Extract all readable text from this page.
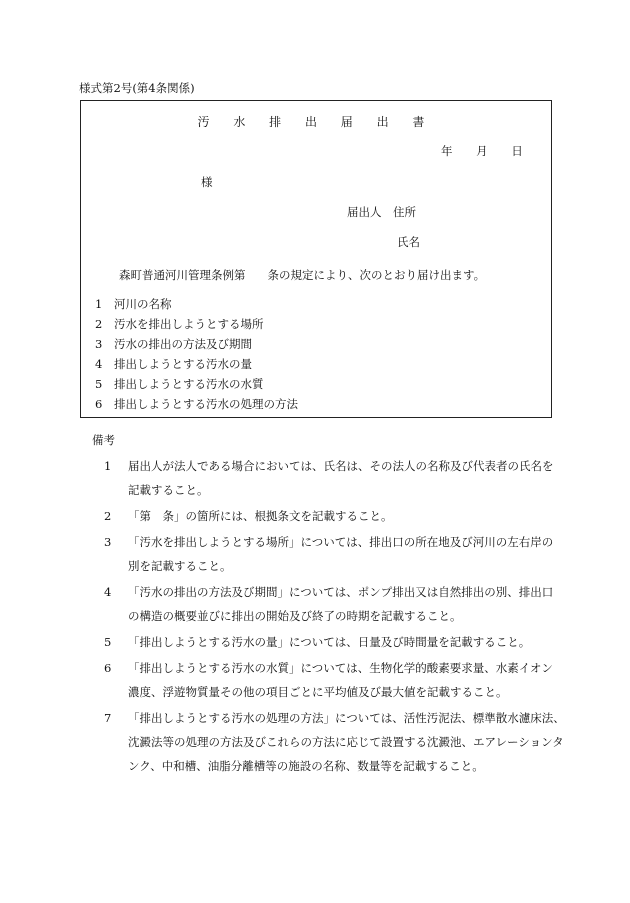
様式第2号(第4条関係)
汚 水 排 出 届 出 書
年 月 日
様
届出人　住所
氏名
森町普通河川管理条例第 条の規定により、次のとおり届け出ます。
1 河川の名称
2 汚水を排出しようとする場所
3 汚水の排出の方法及び期間
4 排出しようとする汚水の量
5 排出しようとする汚水の水質
6 排出しようとする汚水の処理の方法
備考
1 届出人が法人である場合においては、氏名は、その法人の名称及び代表者の氏名を
記載すること。
2 「第　条」の箇所には、根拠条文を記載すること。
3 「汚水を排出しようとする場所」については、排出口の所在地及び河川の左右岸の
別を記載すること。
4 「汚水の排出の方法及び期間」については、ポンプ排出又は自然排出の別、排出口
の構造の概要並びに排出の開始及び終了の時期を記載すること。
5 「排出しようとする汚水の量」については、日量及び時間量を記載すること。
6 「排出しようとする汚水の水質」については、生物化学的酸素要求量、水素イオン
濃度、浮遊物質量その他の項目ごとに平均値及び最大値を記載すること。
7 「排出しようとする汚水の処理の方法」については、活性汚泥法、標準散水濾床法、
沈澱法等の処理の方法及びこれらの方法に応じて設置する沈澱池、エアレーションタ
ンク、中和槽、油脂分離槽等の施設の名称、数量等を記載すること。
